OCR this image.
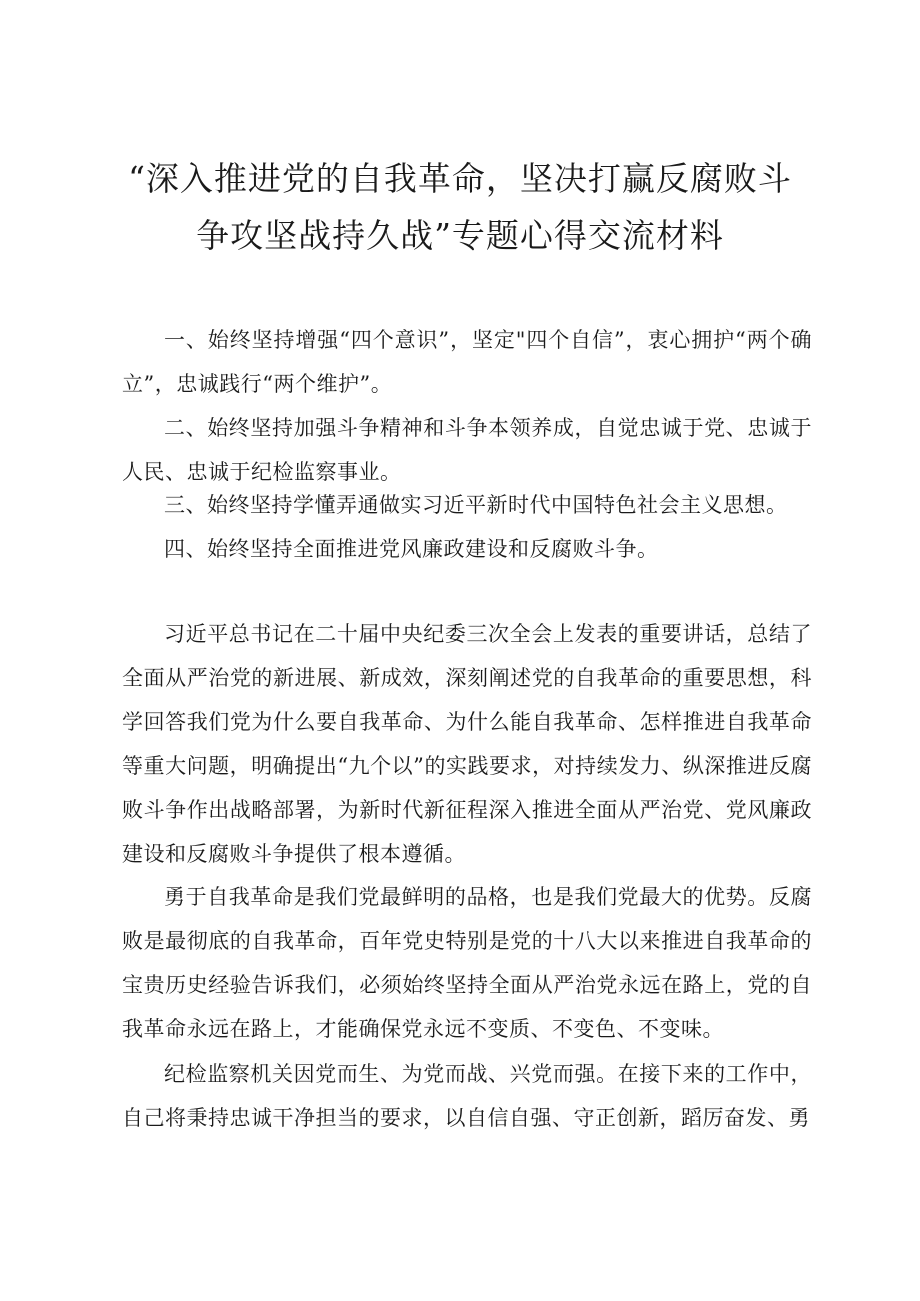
“深入推进党的自我革命，坚决打赢反腐败斗
争攻坚战持久战”专题心得交流材料

一、始终坚持增强“四个意识”，坚定"四个自信”，衷心拥护“两个确立”，忠诚践行“两个维护”。

二、始终坚持加强斗争精神和斗争本领养成，自觉忠诚于党、忠诚于人民、忠诚于纪检监察事业。

三、始终坚持学懂弄通做实习近平新时代中国特色社会主义思想。

四、始终坚持全面推进党风廉政建设和反腐败斗争。

习近平总书记在二十届中央纪委三次全会上发表的重要讲话，总结了全面从严治党的新进展、新成效，深刻阐述党的自我革命的重要思想，科学回答我们党为什么要自我革命、为什么能自我革命、怎样推进自我革命等重大问题，明确提出“九个以”的实践要求，对持续发力、纵深推进反腐败斗争作出战略部署，为新时代新征程深入推进全面从严治党、党风廉政建设和反腐败斗争提供了根本遵循。

勇于自我革命是我们党最鲜明的品格，也是我们党最大的优势。反腐败是最彻底的自我革命，百年党史特别是党的十八大以来推进自我革命的宝贵历史经验告诉我们，必须始终坚持全面从严治党永远在路上，党的自我革命永远在路上，才能确保党永远不变质、不变色、不变味。

纪检监察机关因党而生、为党而战、兴党而强。在接下来的工作中，自己将秉持忠诚干净担当的要求，以自信自强、守正创新，蹈厉奋发、勇
